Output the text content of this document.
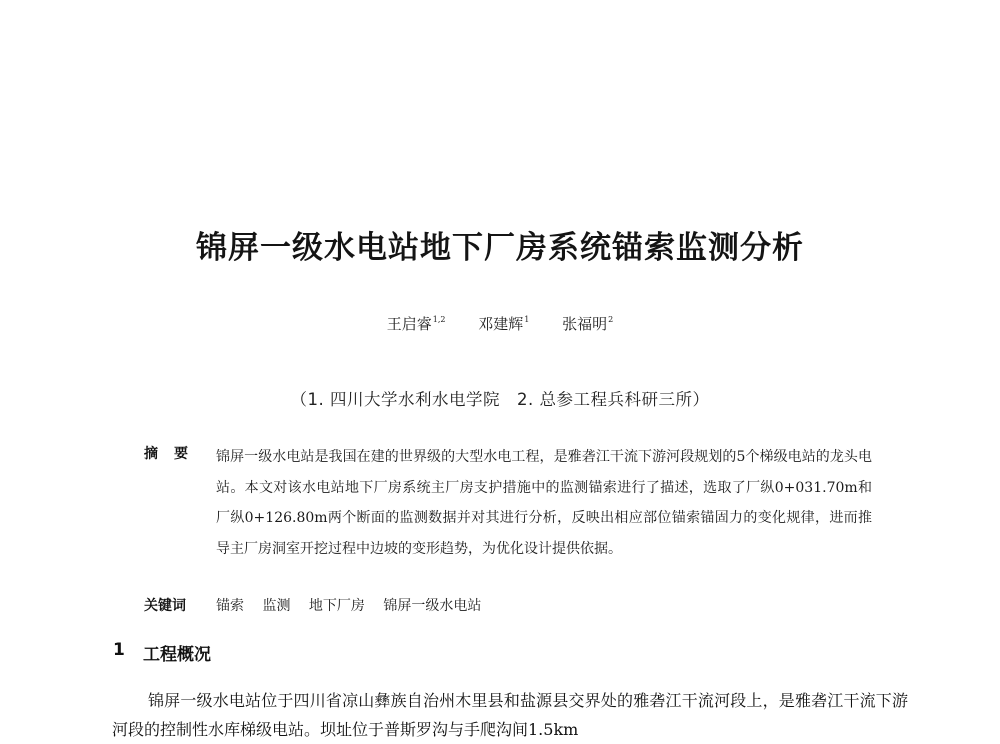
锦屏一级水电站地下厂房系统锚索监测分析
王启睿$^{1,2}$ 邓建辉$^1$ 张福明$^2$
（1. 四川大学水利水电学院　2. 总参工程兵科研三所）
摘要 锦屏一级水电站是我国在建的世界级的大型水电工程，是雅砻江干流下游河段规划的5个梯级电站的龙头电站。本文对该水电站地下厂房系统主厂房支护措施中的监测锚索进行了描述，选取了厂纵0+031.70m和厂纵0+126.80m两个断面的监测数据并对其进行分析，反映出相应部位锚索锚固力的变化规律，进而推导主厂房洞室开挖过程中边坡的变形趋势，为优化设计提供依据。
关键词 锚索 监测 地下厂房 锦屏一级水电站
1 工程概况
锦屏一级水电站位于四川省凉山彝族自治州木里县和盐源县交界处的雅砻江干流河段上，是雅砻江干流下游河段的控制性水库梯级电站。坝址位于普斯罗沟与手爬沟间1.5km
